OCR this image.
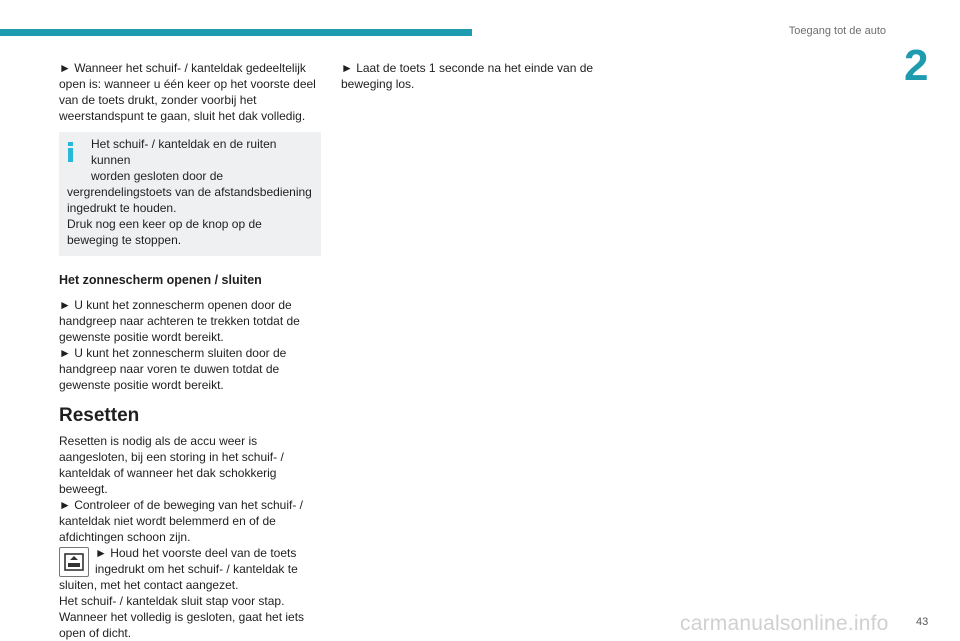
Toegang tot de auto
2

► Wanneer het schuif- / kanteldak gedeeltelijk open is: wanneer u één keer op het voorste deel van de toets drukt, zonder voorbij het weerstandspunt te gaan, sluit het dak volledig.

Het schuif- / kanteldak en de ruiten kunnen

worden gesloten door de

vergrendelingstoets van de afstandsbediening ingedrukt te houden.

Druk nog een keer op de knop op de beweging te stoppen.

Het zonnescherm openen / sluiten

► U kunt het zonnescherm openen door de handgreep naar achteren te trekken totdat de gewenste positie wordt bereikt.

► U kunt het zonnescherm sluiten door de handgreep naar voren te duwen totdat de gewenste positie wordt bereikt.

Resetten

Resetten is nodig als de accu weer is aangesloten, bij een storing in het schuif- / kanteldak of wanneer het dak schokkerig beweegt.

► Controleer of de beweging van het schuif- / kanteldak niet wordt belemmerd en of de afdichtingen schoon zijn.

► Houd het voorste deel van de toets

ingedrukt om het schuif- / kanteldak te

sluiten, met het contact aangezet.

Het schuif- / kanteldak sluit stap voor stap. Wanneer het volledig is gesloten, gaat het iets open of dicht.

► Laat de toets 1 seconde na het einde van de beweging los.

carmanualsonline.info	43
